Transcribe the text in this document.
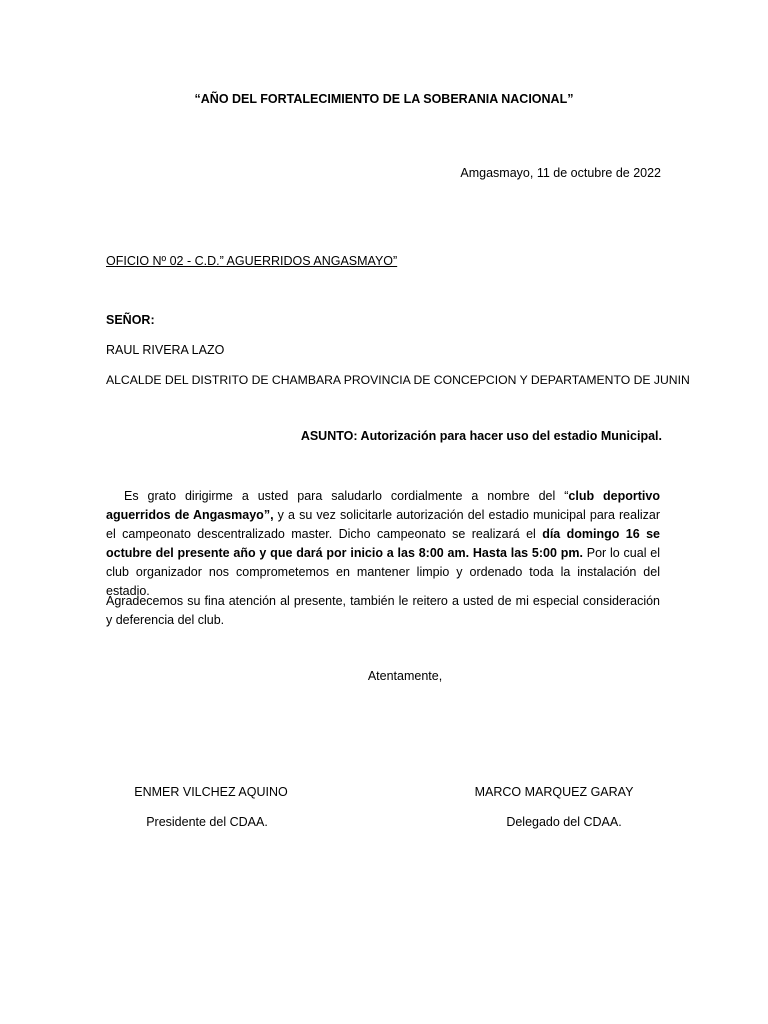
“AÑO DEL FORTALECIMIENTO DE LA SOBERANIA NACIONAL”
Amgasmayo, 11 de octubre de 2022
OFICIO Nº 02 - C.D.” AGUERRIDOS ANGASMAYO”
SEÑOR:
RAUL RIVERA LAZO
ALCALDE DEL DISTRITO DE CHAMBARA PROVINCIA DE CONCEPCION Y DEPARTAMENTO DE JUNIN
ASUNTO: Autorización para hacer uso del estadio Municipal.
Es grato dirigirme a usted para saludarlo cordialmente a nombre del “club deportivo aguerridos de Angasmayo”, y a su vez solicitarle autorización del estadio municipal para realizar el campeonato descentralizado master. Dicho campeonato se realizará el día domingo 16 se octubre del presente año y que dará por inicio a las 8:00 am. Hasta las 5:00 pm. Por lo cual el club organizador nos comprometemos en mantener limpio y ordenado toda la instalación del estadio.
Agradecemos su fina atención al presente, también le reitero a usted de mi especial consideración y deferencia del club.
Atentamente,
ENMER VILCHEZ AQUINO
Presidente del CDAA.
MARCO MARQUEZ GARAY
Delegado del CDAA.
